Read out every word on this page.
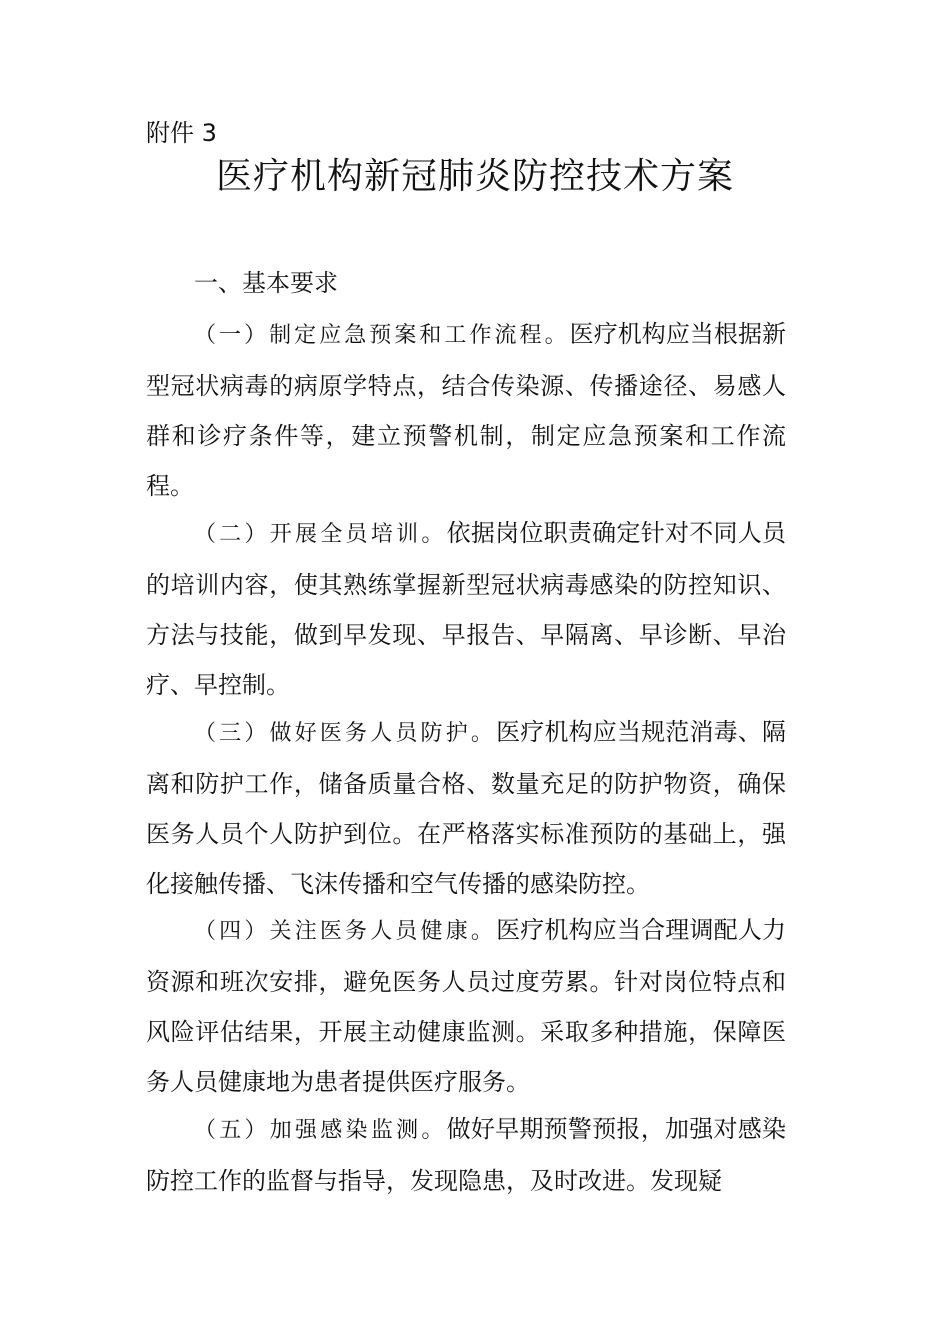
附件 3
医疗机构新冠肺炎防控技术方案
一、基本要求

（一）制定应急预案和工作流程。医疗机构应当根据新型冠状病毒的病原学特点，结合传染源、传播途径、易感人群和诊疗条件等，建立预警机制，制定应急预案和工作流程。

（二）开展全员培训。依据岗位职责确定针对不同人员的培训内容，使其熟练掌握新型冠状病毒感染的防控知识、方法与技能，做到早发现、早报告、早隔离、早诊断、早治疗、早控制。

（三）做好医务人员防护。医疗机构应当规范消毒、隔离和防护工作，储备质量合格、数量充足的防护物资，确保医务人员个人防护到位。在严格落实标准预防的基础上，强化接触传播、飞沫传播和空气传播的感染防控。

（四）关注医务人员健康。医疗机构应当合理调配人力资源和班次安排，避免医务人员过度劳累。针对岗位特点和风险评估结果，开展主动健康监测。采取多种措施，保障医务人员健康地为患者提供医疗服务。

（五）加强感染监测。做好早期预警预报，加强对感染防控工作的监督与指导，发现隐患，及时改进。发现疑
